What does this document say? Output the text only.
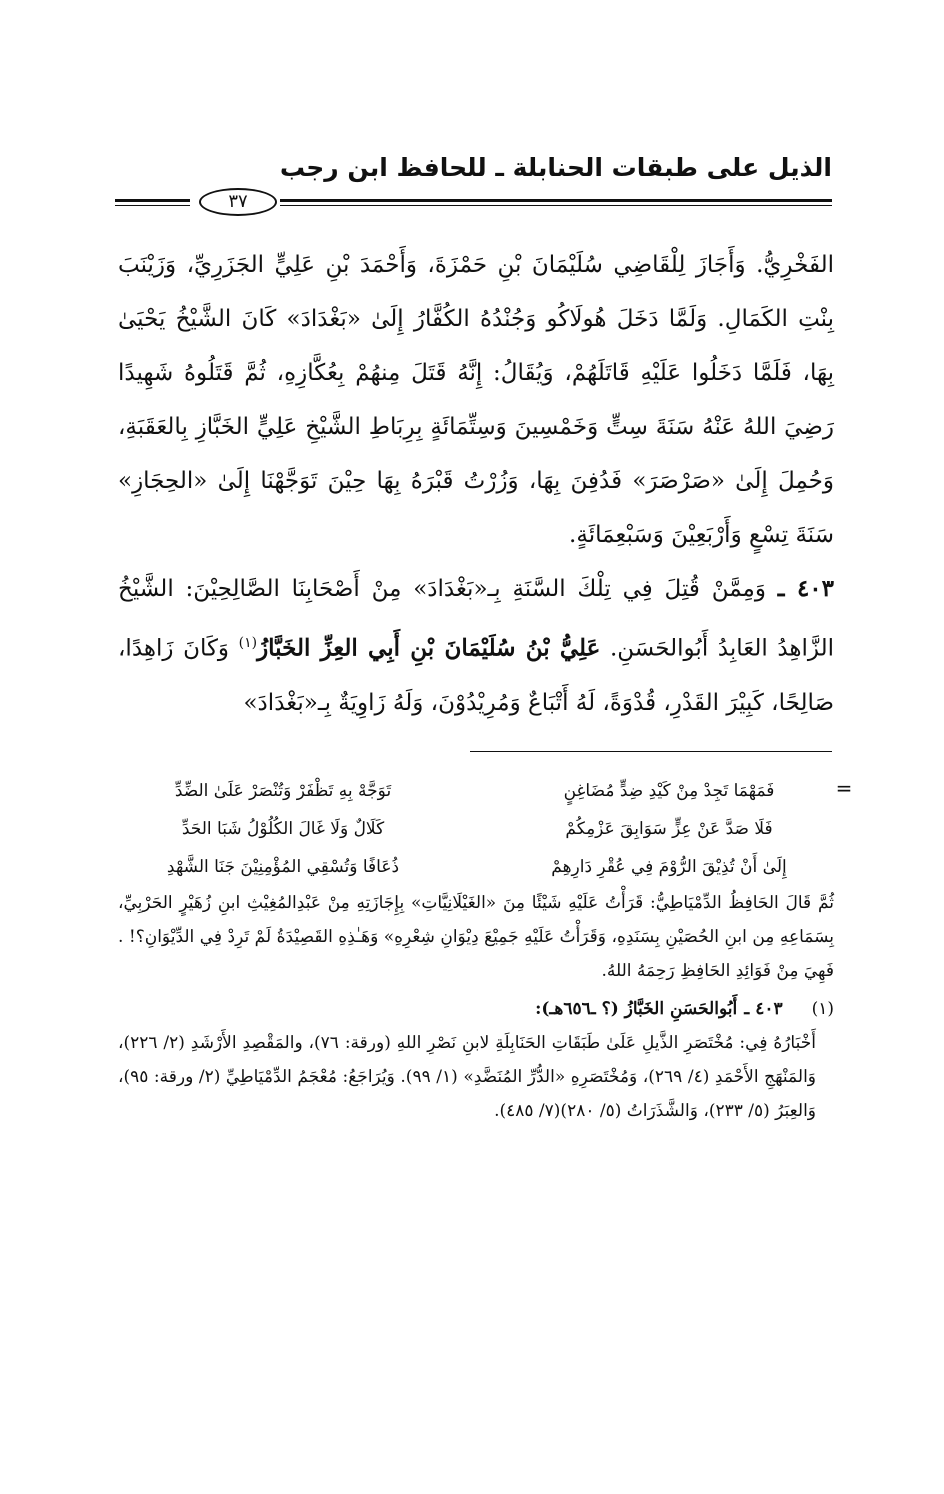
الذيل على طبقات الحنابلة ـ للحافظ ابن رجب
٣٧

الفَخْرِيُّ. وَأَجَازَ لِلْقَاضِي سُلَيْمَانَ بْنِ حَمْزَةَ، وَأَحْمَدَ بْنِ عَلِيٍّ الجَزَرِيِّ، وَزَيْنَبَ بِنْتِ الكَمَالِ. وَلَمَّا دَخَلَ هُولَاكُو وَجُنْدُهُ الكُفَّارُ إِلَىٰ «بَغْدَادَ» كَانَ الشَّيْخُ يَحْيَىٰ بِهَا، فَلَمَّا دَخَلُوا عَلَيْهِ قَاتَلَهُمْ، وَيُقَالُ: إِنَّهُ قَتَلَ مِنهُمْ بِعُكَّازِهِ، ثُمَّ قَتَلُوهُ شَهِيدًا رَضِيَ اللهُ عَنْهُ سَنَةَ سِتٍّ وَخَمْسِينَ وَسِتِّمَائَةٍ بِرِبَاطِ الشَّيْخِ عَلِيٍّ الخَبَّازِ بِالعَقَبَةِ، وَحُمِلَ إِلَىٰ «صَرْصَرَ» فَدُفِنَ بِهَا، وَزُرْتُ قَبْرَهُ بِهَا حِيْنَ تَوَجَّهْنَا إِلَىٰ «الحِجَازِ» سَنَةَ تِسْعٍ وَأَرْبَعِيْنَ وَسَبْعِمَائَةٍ.

٤٠٣ ـ وَمِمَّنْ قُتِلَ فِي تِلْكَ السَّنَةِ بِـ«بَغْدَادَ» مِنْ أَصْحَابِنَا الصَّالِحِيْنَ: الشَّيْخُ الزَّاهِدُ العَابِدُ أَبُوالحَسَنِ. عَلِيُّ بْنُ سُلَيْمَانَ بْنِ أَبِي العِزِّ الخَبَّازُ$^{(١)}$ وَكَانَ زَاهِدًا، صَالِحًا، كَبِيْرَ القَدْرِ، قُدْوَةً، لَهُ أَتْبَاعٌ وَمُرِيْدُوْنَ، وَلَهُ زَاوِيَةٌ بِـ«بَغْدَادَ»

=
فَمَهْمَا تَجِدْ مِنْ كَيْدِ ضِدٍّ مُضَاغِنٍ
تَوَجَّهْ بِهِ تَظْفَرْ وَتُنْصَرْ عَلَىٰ الضِّدِّ
فَلَا صَدَّ عَنْ عِزٍّ سَوَابِقَ عَزْمِكُمْ
كَلَالٌ وَلَا غَالَ الكُلُوْلُ شَبَا الحَدِّ
إِلَىٰ أَنْ تُذِيْقَ الرُّوْمَ فِي عُقْرِ دَارِهِمْ
ذُعَافًا وَتُسْقِي المُؤْمِنِيْنَ جَنَا الشَّهْدِ

ثُمَّ قَالَ الحَافِظُ الدِّمْيَاطِيُّ: قَرَأْتُ عَلَيْهِ شَيْئًا مِنَ «الغَيْلَانِيَّاتِ» بِإِجَازَتِهِ مِنْ عَبْدِالمُغِيْثِ ابنِ زُهَيْرٍ الحَرْبِيِّ، بِسَمَاعِهِ مِن ابنِ الحُصَيْنِ بِسَنَدِهِ، وَقَرَأْتُ عَلَيْهِ جَمِيْعَ دِيْوَانِ شِعْرِهِ» وَهَـٰذِهِ القَصِيْدَةُ لَمْ تَرِدْ فِي الدِّيْوَانِ؟! . فَهِيَ مِنْ فَوَائِدِ الحَافِظِ رَحِمَهُ اللهُ.

(١) ٤٠٣ ـ أَبُوالحَسَنِ الخَبَّازُ (؟ ـ٦٥٦هـ):

أَخْبَارُهُ فِي: مُخْتَصَرِ الذَّيلِ عَلَىٰ طَبَقَاتِ الحَنَابِلَةِ لابنِ نَصْرِ اللهِ (ورقة: ٧٦)، والمَقْصِدِ الأَرْشَدِ (٢/ ٢٢٦)، وَالمَنْهَجِ الأَحْمَدِ (٤/ ٢٦٩)، وَمُخْتَصَرِهِ «الدُّرِّ المُنَضَّدِ» (١/ ٩٩). وَيُرَاجَعُ: مُعْجَمُ الدِّمْيَاطِيِّ (٢/ ورقة: ٩٥)، وَالعِبَرُ (٥/ ٢٣٣)، وَالشَّذَرَاتُ (٥/ ٢٨٠)(٧/ ٤٨٥).
